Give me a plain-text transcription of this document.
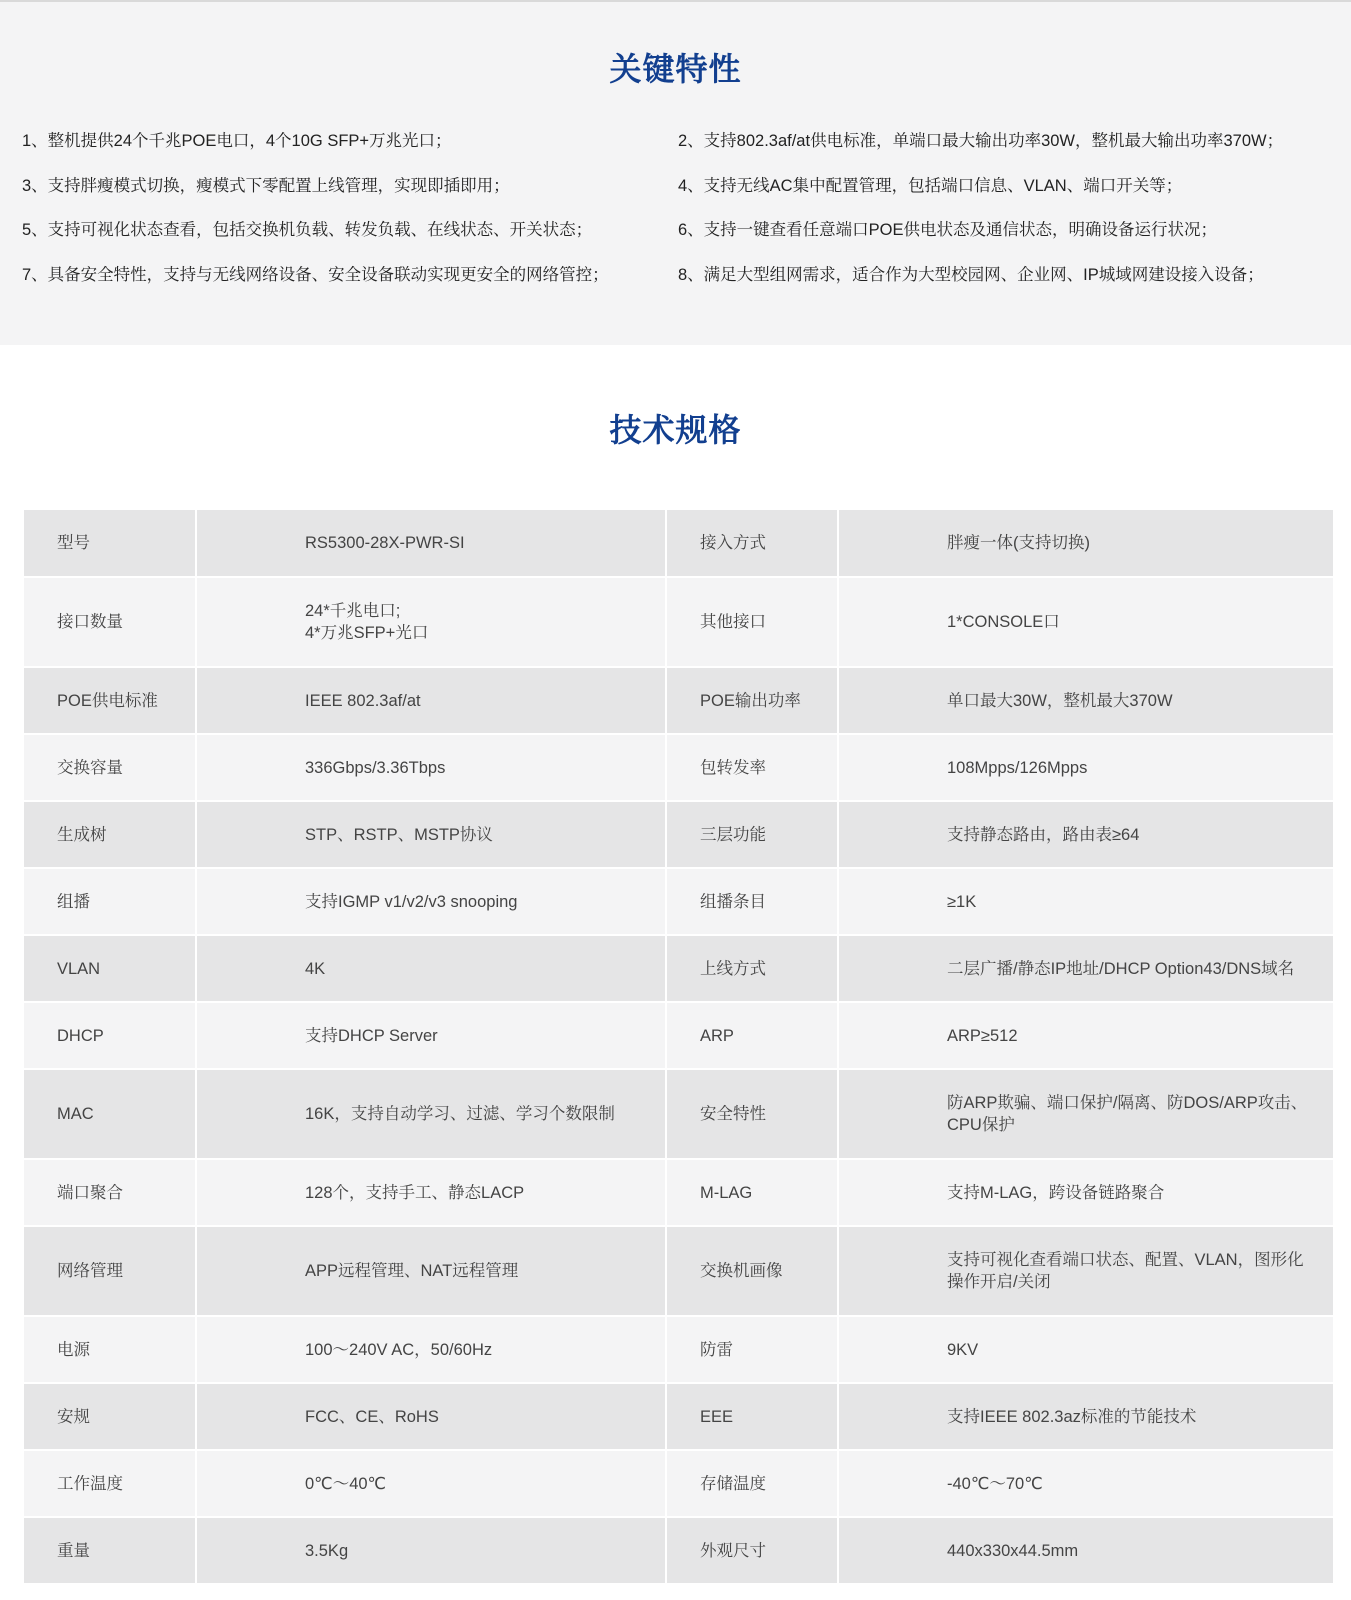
关键特性
1、整机提供24个千兆POE电口，4个10G SFP+万兆光口；	2、支持802.3af/at供电标准，单端口最大输出功率30W，整机最大输出功率370W；
3、支持胖瘦模式切换，瘦模式下零配置上线管理，实现即插即用；	4、支持无线AC集中配置管理，包括端口信息、VLAN、端口开关等；
5、支持可视化状态查看，包括交换机负载、转发负载、在线状态、开关状态；	6、支持一键查看任意端口POE供电状态及通信状态，明确设备运行状况；
7、具备安全特性，支持与无线网络设备、安全设备联动实现更安全的网络管控；	8、满足大型组网需求，适合作为大型校园网、企业网、IP城域网建设接入设备；
技术规格
型号	RS5300-28X-PWR-SI	接入方式	胖瘦一体(支持切换)

接口数量	24*千兆电口;
4*万兆SFP+光口	其他接口	1*CONSOLE口

POE供电标准	IEEE 802.3af/at	POE输出功率	单口最大30W，整机最大370W

交换容量	336Gbps/3.36Tbps	包转发率	108Mpps/126Mpps

生成树	STP、RSTP、MSTP协议	三层功能	支持静态路由，路由表≥64

组播	支持IGMP v1/v2/v3 snooping	组播条目	≥1K

VLAN	4K	上线方式	二层广播/静态IP地址/DHCP Option43/DNS域名

DHCP	支持DHCP Server	ARP	ARP≥512

MAC	16K，支持自动学习、过滤、学习个数限制	安全特性	防ARP欺骗、端口保护/隔离、防DOS/ARP攻击、
CPU保护

端口聚合	128个，支持手工、静态LACP	M-LAG	支持M-LAG，跨设备链路聚合

网络管理	APP远程管理、NAT远程管理	交换机画像	支持可视化查看端口状态、配置、VLAN，图形化
操作开启/关闭

电源	100～240V AC，50/60Hz	防雷	9KV

安规	FCC、CE、RoHS	EEE	支持IEEE 802.3az标准的节能技术

工作温度	0℃～40℃	存储温度	-40℃～70℃

重量	3.5Kg	外观尺寸	440x330x44.5mm
